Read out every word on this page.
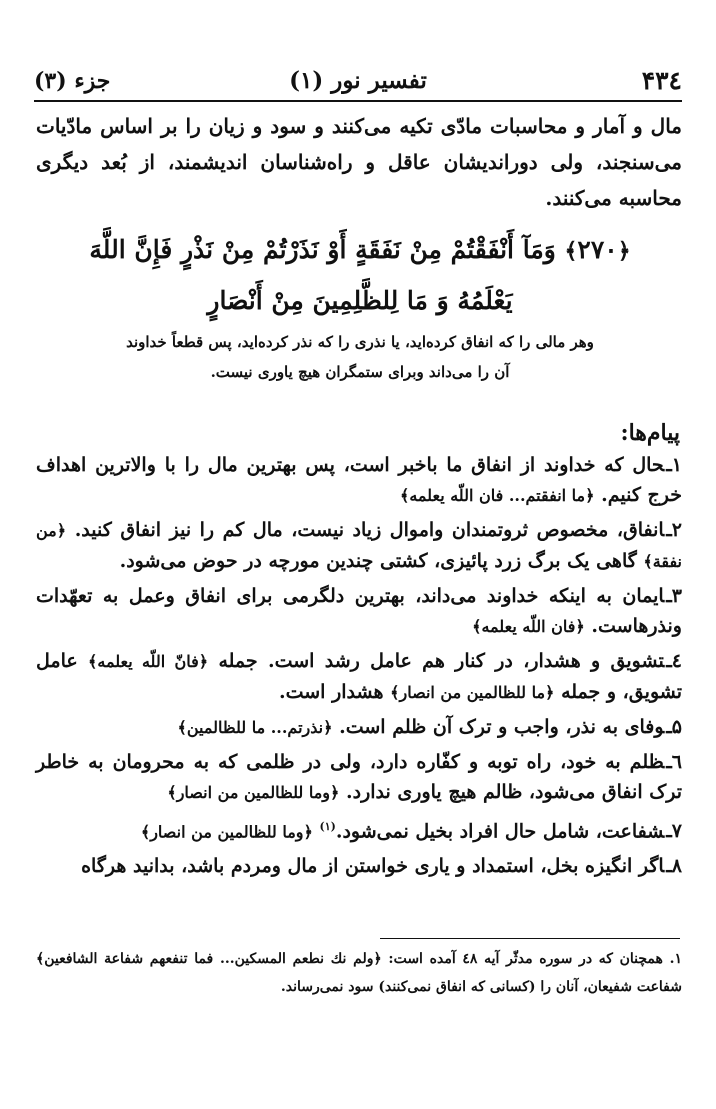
۴۳٤
تفسیر نور (۱)
جزء (۳)
مال و آمار و محاسبات مادّی تکیه می‌کنند و سود و زیان را بر اساس مادّیات می‌سنجند، ولی دوراندیشان عاقل و راه‌شناسان اندیشمند، از بُعد دیگری محاسبه می‌کنند.
﴿۲۷۰﴾ وَمَآ أَنْفَقْتُمْ مِنْ نَفَقَةٍ أَوْ نَذَرْتُمْ مِنْ نَذْرٍ فَإِنَّ اللَّهَ يَعْلَمُهُ وَ مَا لِلظَّلِمِينَ مِنْ أَنْصَارٍ
وهر مالی را که انفاق کرده‌اید، یا نذری را که نذر کرده‌اید، پس قطعاً خداوند
آن را می‌داند وبرای ستمگران هیچ یاوری نیست.
پیام‌ها:
۱ـحال که خداوند از انفاق ما باخبر است، پس بهترین مال را با والاترین اهداف خرج کنیم. ﴿ما انفقتم... فان اللّه یعلمه﴾
۲ـانفاق، مخصوص ثروتمندان واموال زیاد نیست، مال کم را نیز انفاق کنید. ﴿من نفقة﴾ گاهی یک برگ زرد پائیزی، کشتی چندین مورچه در حوض می‌شود.
۳ـایمان به اینکه خداوند می‌داند، بهترین دلگرمی برای انفاق وعمل به تعهّدات ونذرهاست. ﴿فان اللّه یعلمه﴾
٤ـتشویق و هشدار، در کنار هم عامل رشد است. جمله ﴿فانّ اللّه یعلمه﴾ عامل تشویق، و جمله ﴿ما للظالمین من انصار﴾ هشدار است.
۵ـوفای به نذر، واجب و ترک آن ظلم است. ﴿نذرتم... ما للظالمین﴾
٦ـظلم به خود، راه توبه و کفّاره دارد، ولی در ظلمی که به محرومان به خاطر ترک انفاق می‌شود، ظالم هیچ یاوری ندارد. ﴿وما للظالمین من انصار﴾
۷ـشفاعت، شامل حال افراد بخیل نمی‌شود.$^{(۱)}$ ﴿وما للظالمین من انصار﴾
۸ـاگر انگیزه بخل، استمداد و یاری خواستن از مال ومردم باشد، بدانید هرگاه
۱. همچنان که در سوره مدثّر آیه ٤۸ آمده است: ﴿ولم نك نطعم المسكين... فما تنفعهم شفاعة الشافعين﴾ شفاعت شفیعان، آنان را (کسانی که انفاق نمی‌کنند) سود نمی‌رساند.
